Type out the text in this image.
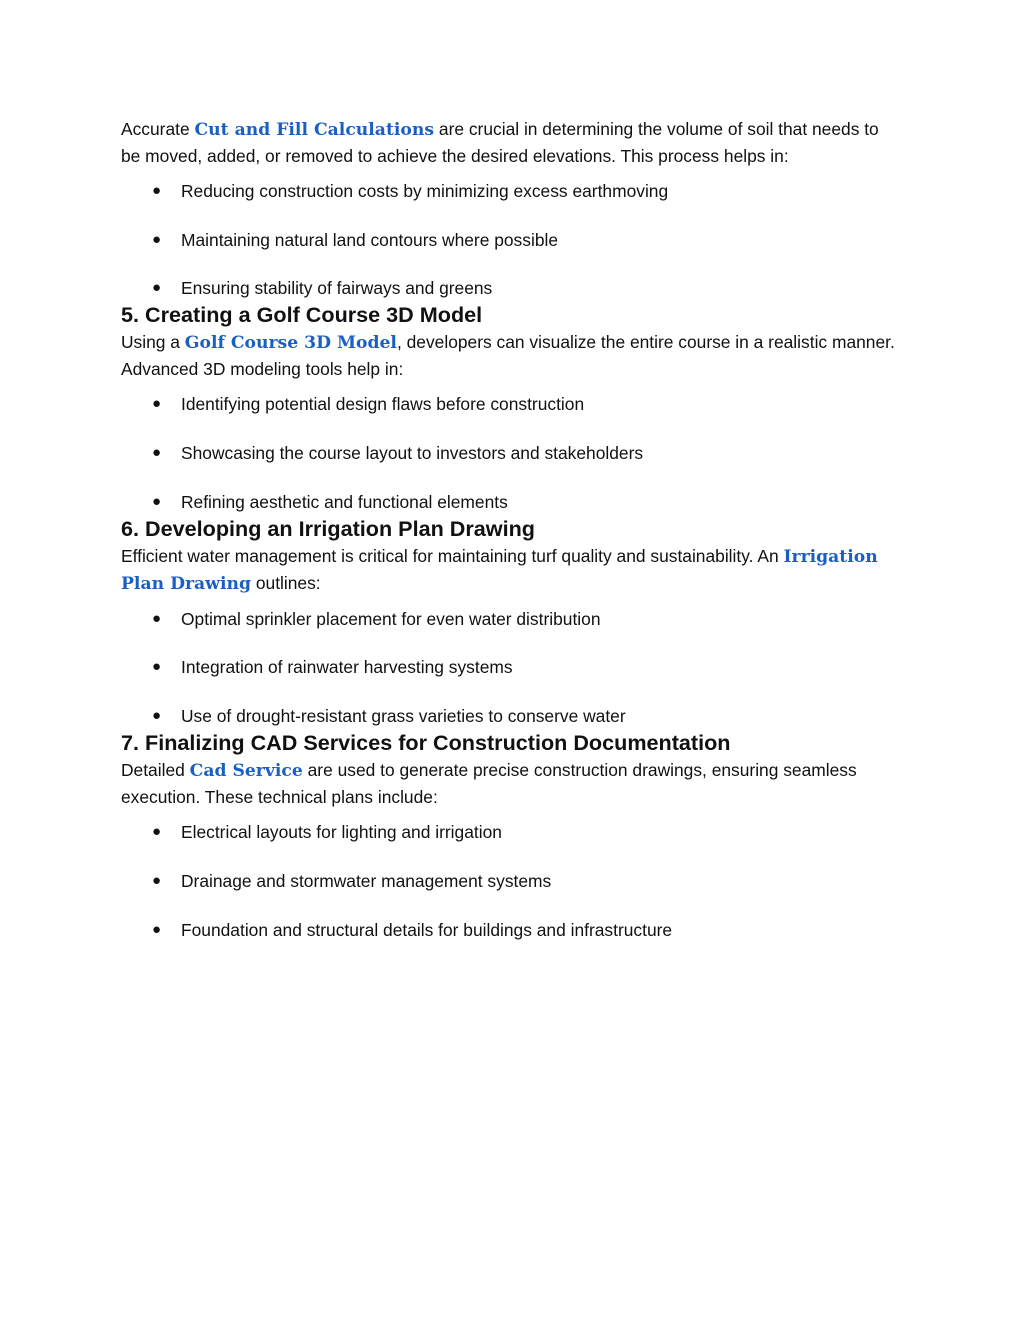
Accurate Cut and Fill Calculations are crucial in determining the volume of soil that needs to be moved, added, or removed to achieve the desired elevations. This process helps in:

● Reducing construction costs by minimizing excess earthmoving
● Maintaining natural land contours where possible
● Ensuring stability of fairways and greens
5. Creating a Golf Course 3D Model

Using a Golf Course 3D Model, developers can visualize the entire course in a realistic manner. Advanced 3D modeling tools help in:

● Identifying potential design flaws before construction
● Showcasing the course layout to investors and stakeholders
● Refining aesthetic and functional elements
6. Developing an Irrigation Plan Drawing

Efficient water management is critical for maintaining turf quality and sustainability. An Irrigation Plan Drawing outlines:

● Optimal sprinkler placement for even water distribution
● Integration of rainwater harvesting systems
● Use of drought-resistant grass varieties to conserve water
7. Finalizing CAD Services for Construction Documentation

Detailed Cad Service are used to generate precise construction drawings, ensuring seamless execution. These technical plans include:

● Electrical layouts for lighting and irrigation
● Drainage and stormwater management systems
● Foundation and structural details for buildings and infrastructure
